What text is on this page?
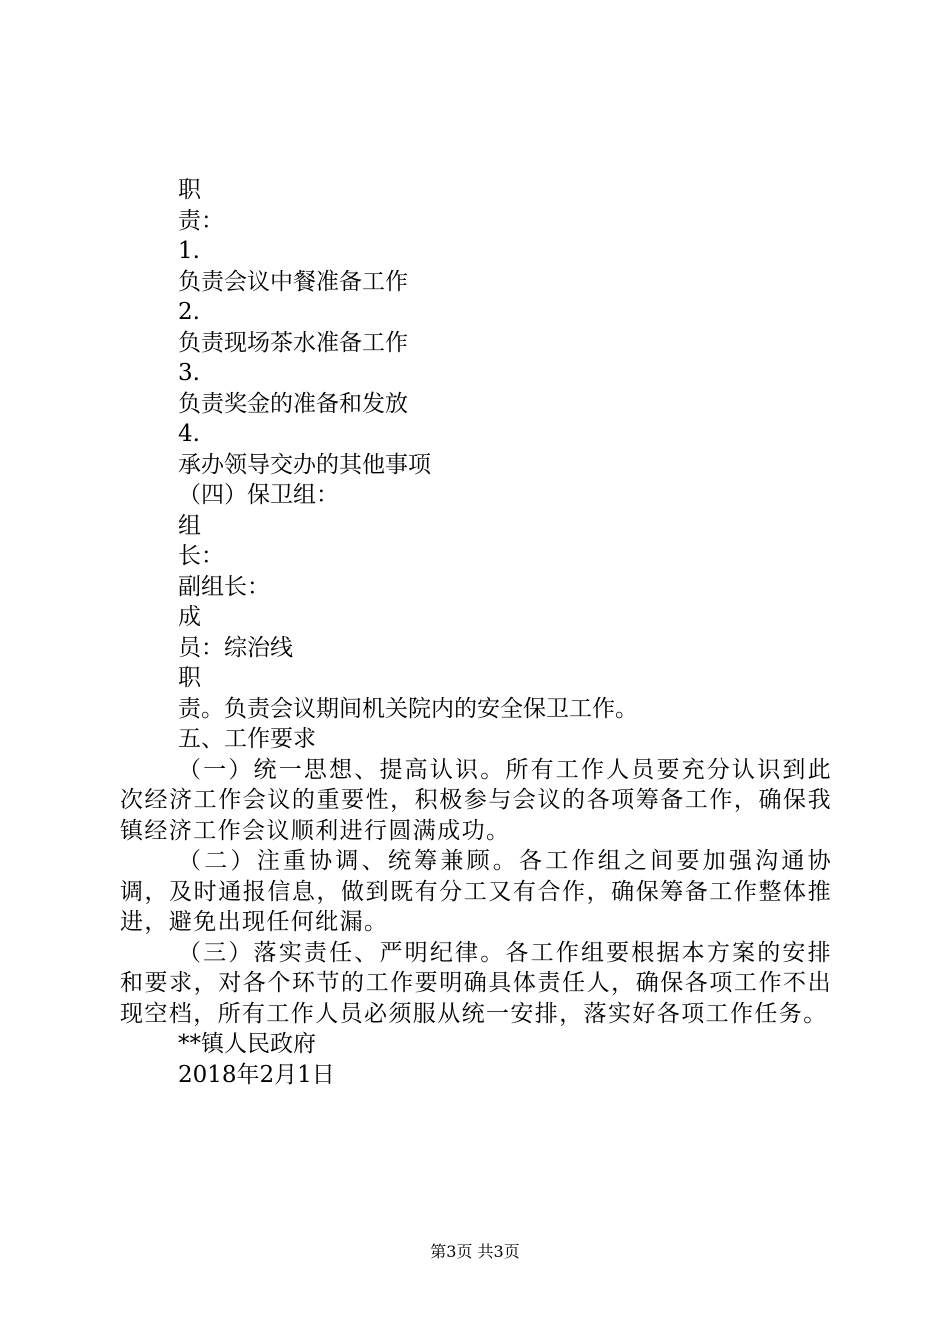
职
责：
1.
负责会议中餐准备工作
2.
负责现场茶水准备工作
3.
负责奖金的准备和发放
4.
承办领导交办的其他事项
（四）保卫组：
组
长：
副组长：
成
员：综治线
职
责。负责会议期间机关院内的安全保卫工作。
五、工作要求

（一）统一思想、提高认识。所有工作人员要充分认识到此次经济工作会议的重要性，积极参与会议的各项筹备工作，确保我镇经济工作会议顺利进行圆满成功。

（二）注重协调、统筹兼顾。各工作组之间要加强沟通协调，及时通报信息，做到既有分工又有合作，确保筹备工作整体推进，避免出现任何纰漏。

（三）落实责任、严明纪律。各工作组要根据本方案的安排和要求，对各个环节的工作要明确具体责任人，确保各项工作不出现空档，所有工作人员必须服从统一安排，落实好各项工作任务。

**镇人民政府
2018年2月1日
第3页 共3页
